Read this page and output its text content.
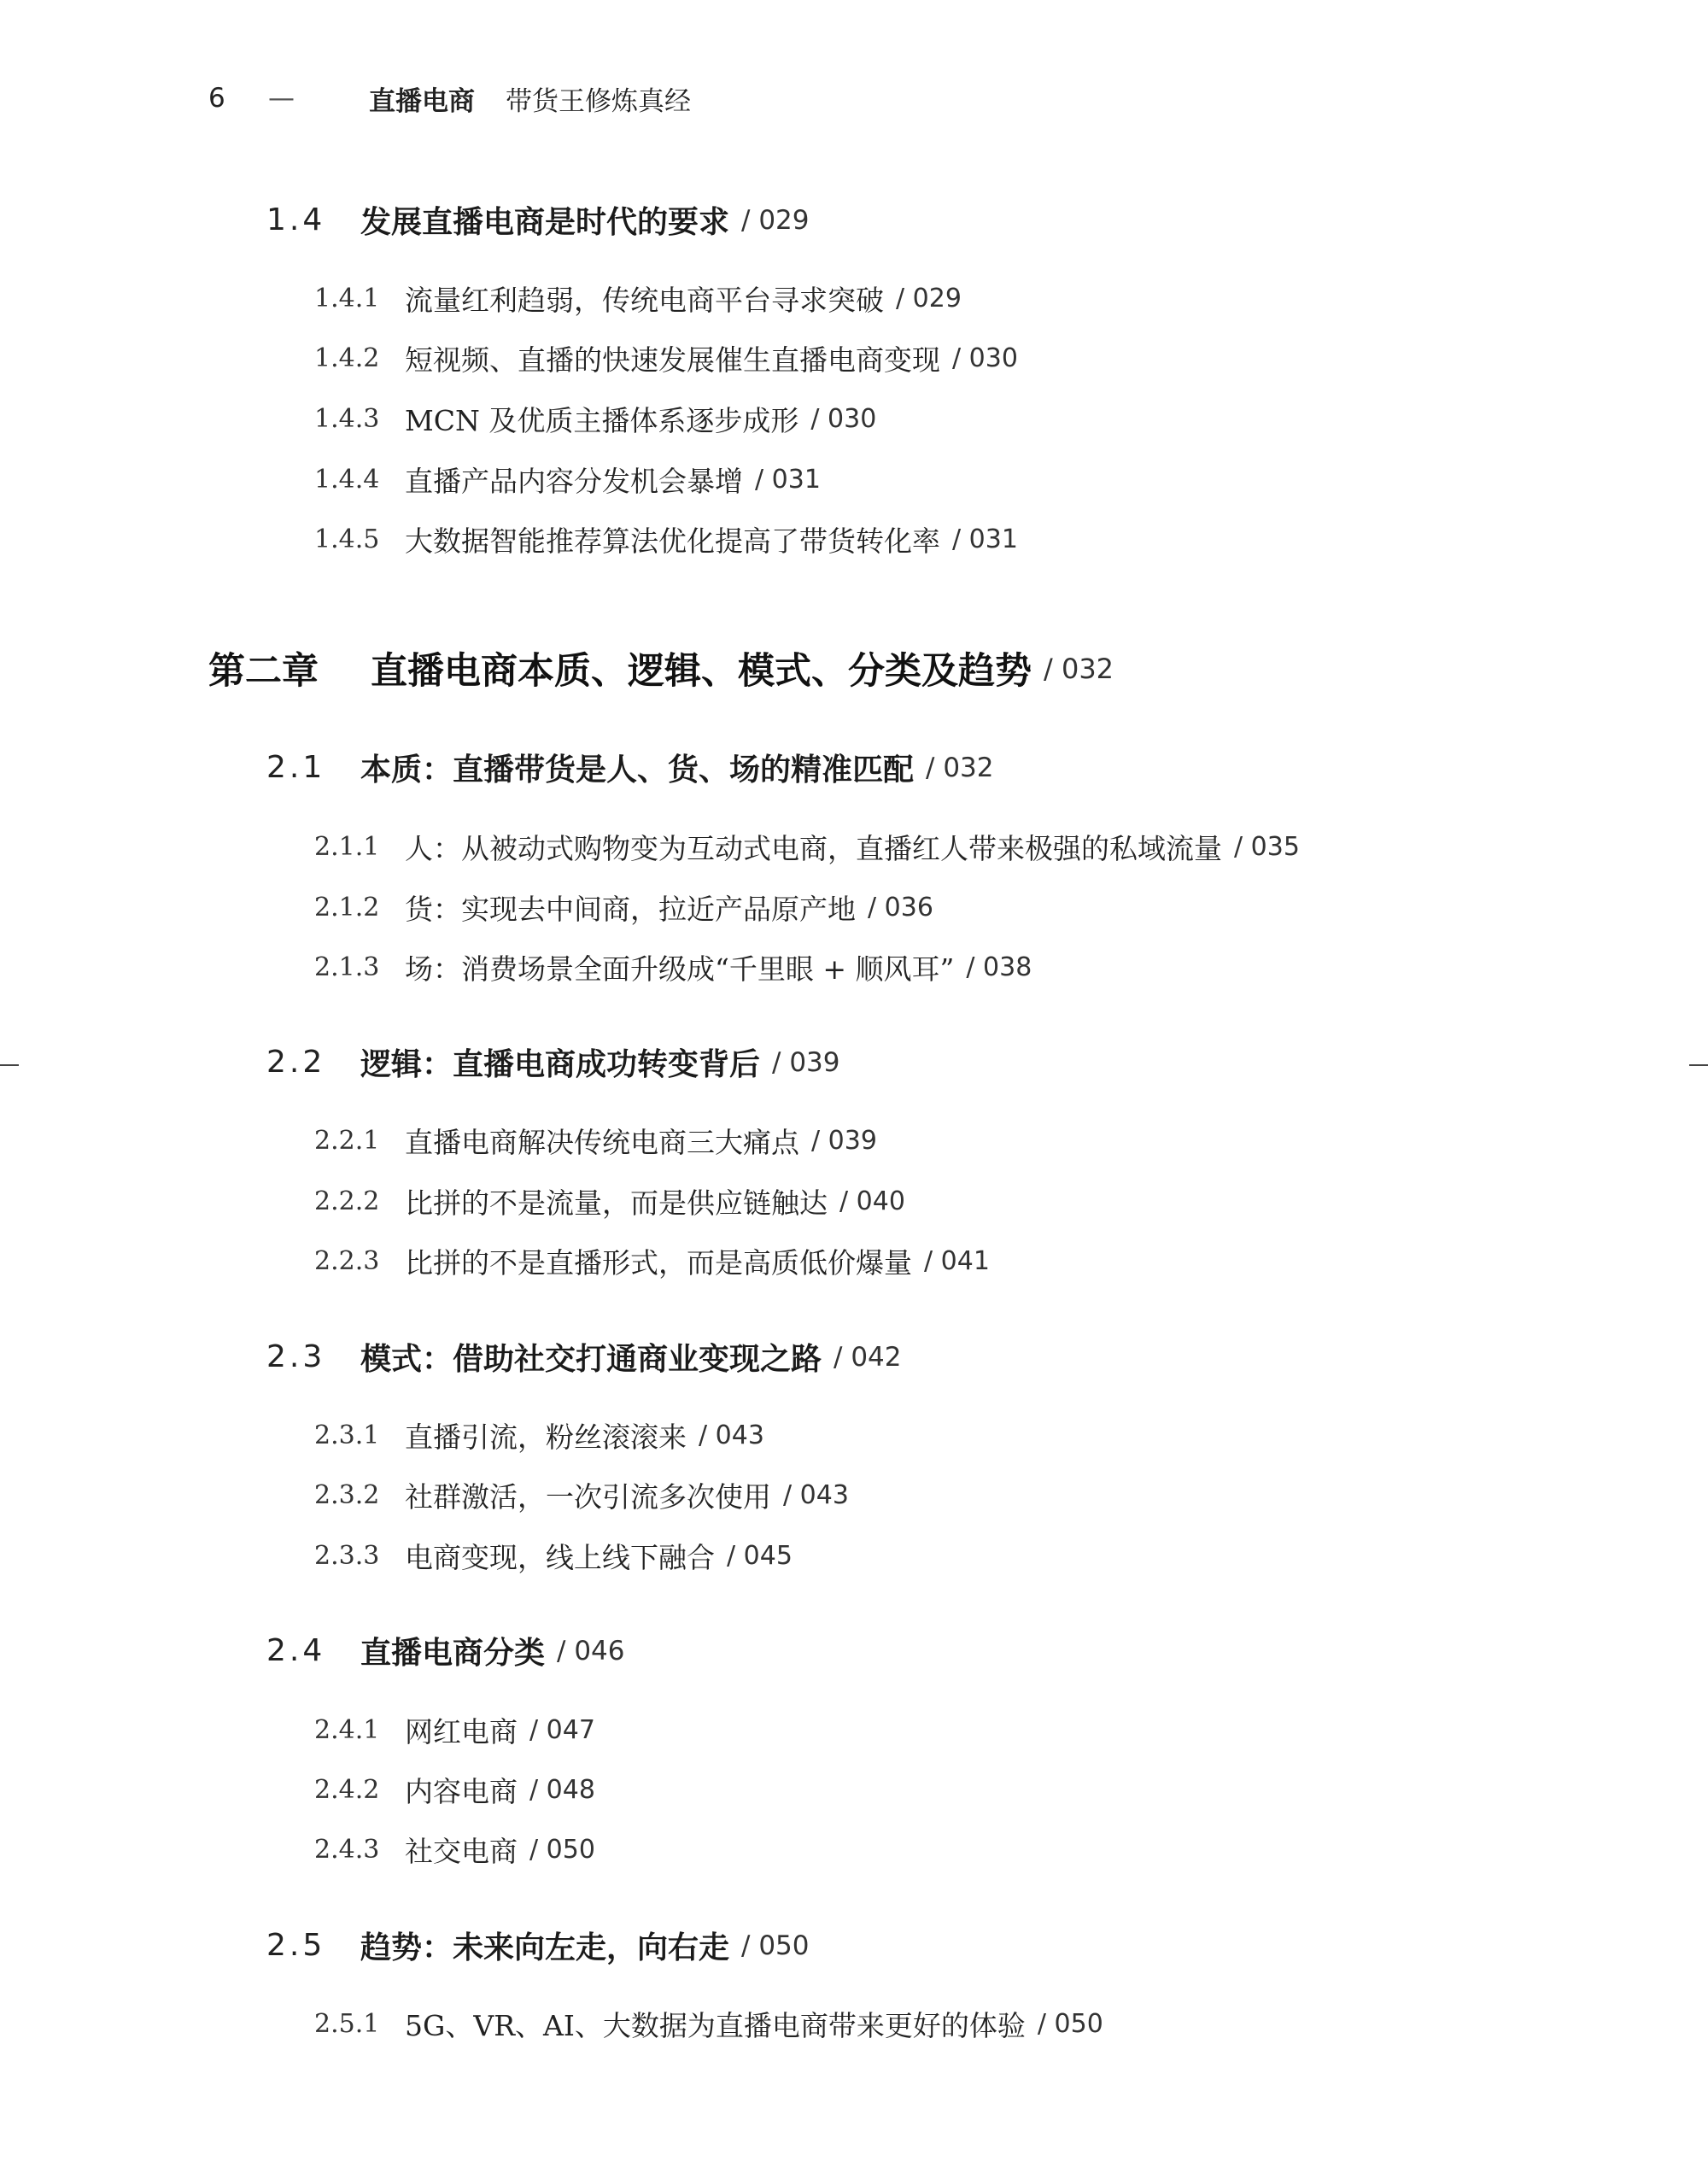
6	—	直播电商 带货王修炼真经
1.4	发展直播电商是时代的要求 / 029
1.4.1 流量红利趋弱，传统电商平台寻求突破 / 029
1.4.2 短视频、直播的快速发展催生直播电商变现 / 030
1.4.3 MCN 及优质主播体系逐步成形 / 030
1.4.4 直播产品内容分发机会暴增 / 031
1.4.5 大数据智能推荐算法优化提高了带货转化率 / 031
第二章	直播电商本质、逻辑、模式、分类及趋势 / 032
2.1	本质：直播带货是人、货、场的精准匹配 / 032
2.1.1 人：从被动式购物变为互动式电商，直播红人带来极强的私域流量 / 035
2.1.2 货：实现去中间商，拉近产品原产地 / 036
2.1.3 场：消费场景全面升级成“千里眼 + 顺风耳” / 038
2.2	逻辑：直播电商成功转变背后 / 039
2.2.1 直播电商解决传统电商三大痛点 / 039
2.2.2 比拼的不是流量，而是供应链触达 / 040
2.2.3 比拼的不是直播形式，而是高质低价爆量 / 041
2.3	模式：借助社交打通商业变现之路 / 042
2.3.1 直播引流，粉丝滚滚来 / 043
2.3.2 社群激活，一次引流多次使用 / 043
2.3.3 电商变现，线上线下融合 / 045
2.4	直播电商分类 / 046
2.4.1 网红电商 / 047
2.4.2 内容电商 / 048
2.4.3 社交电商 / 050
2.5	趋势：未来向左走，向右走 / 050
2.5.1 5G、VR、AI、大数据为直播电商带来更好的体验 / 050
